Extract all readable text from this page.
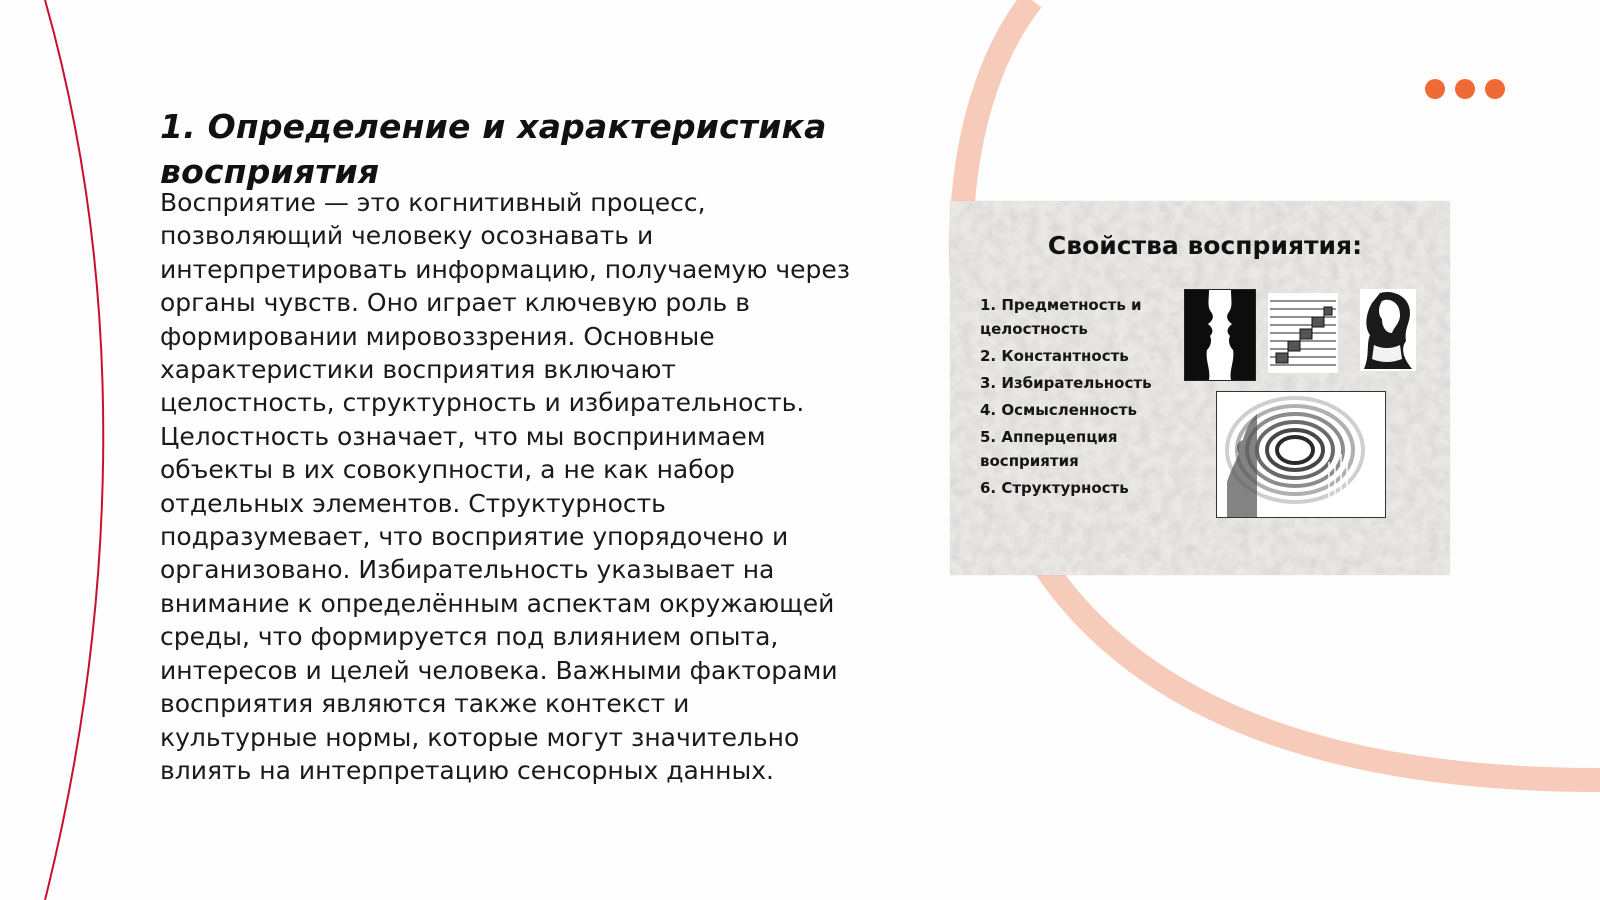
1. Определение и характеристика восприятия

Восприятие — это когнитивный процесс, позволяющий человеку осознавать и интерпретировать информацию, получаемую через органы чувств. Оно играет ключевую роль в формировании мировоззрения. Основные характеристики восприятия включают целостность, структурность и избирательность. Целостность означает, что мы воспринимаем объекты в их совокупности, а не как набор отдельных элементов. Структурность подразумевает, что восприятие упорядочено и организовано. Избирательность указывает на внимание к определённым аспектам окружающей среды, что формируется под влиянием опыта, интересов и целей человека. Важными факторами восприятия являются также контекст и культурные нормы, которые могут значительно влиять на интерпретацию сенсорных данных.

Свойства восприятия:
1. Предметность и целостность
2. Константность
3. Избирательность
4. Осмысленность
5. Апперцепция восприятия
6. Структурность
